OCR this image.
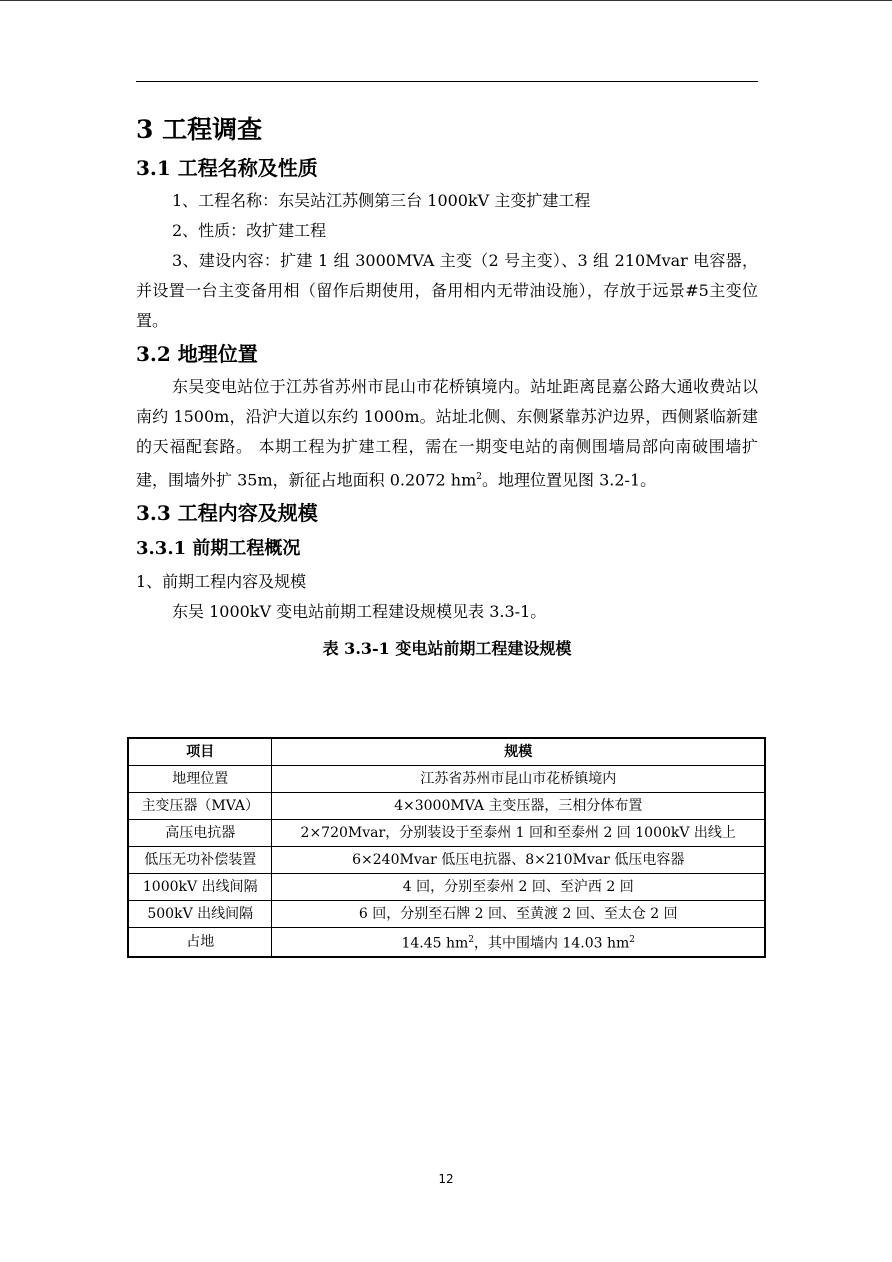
3 工程调查
3.1 工程名称及性质

1、工程名称：东吴站江苏侧第三台 1000kV 主变扩建工程

2、性质：改扩建工程

3、建设内容：扩建 1 组 3000MVA 主变（2 号主变）、3 组 210Mvar 电容器，并设置一台主变备用相（留作后期使用，备用相内无带油设施），存放于远景#5主变位置。

3.2 地理位置

东吴变电站位于江苏省苏州市昆山市花桥镇境内。站址距离昆嘉公路大通收费站以南约 1500m，沿沪大道以东约 1000m。站址北侧、东侧紧靠苏沪边界，西侧紧临新建的天福配套路。 本期工程为扩建工程，需在一期变电站的南侧围墙局部向南破围墙扩建，围墙外扩 35m，新征占地面积 0.2072 $hm^2$。地理位置见图 3.2-1。

3.3 工程内容及规模
3.3.1 前期工程概况

1、前期工程内容及规模

东吴 1000kV 变电站前期工程建设规模见表 3.3-1。

表 3.3-1 变电站前期工程建设规模
项目	规模
地理位置	江苏省苏州市昆山市花桥镇境内
主变压器（MVA）	4×3000MVA 主变压器，三相分体布置
高压电抗器	2×720Mvar，分别装设于至泰州 1 回和至泰州 2 回 1000kV 出线上
低压无功补偿装置	6×240Mvar 低压电抗器、8×210Mvar 低压电容器
1000kV 出线间隔	4 回，分别至泰州 2 回、至沪西 2 回
500kV 出线间隔	6 回，分别至石牌 2 回、至黄渡 2 回、至太仓 2 回
占地	14.45 $hm^2$，其中围墙内 14.03 $hm^2$
12
